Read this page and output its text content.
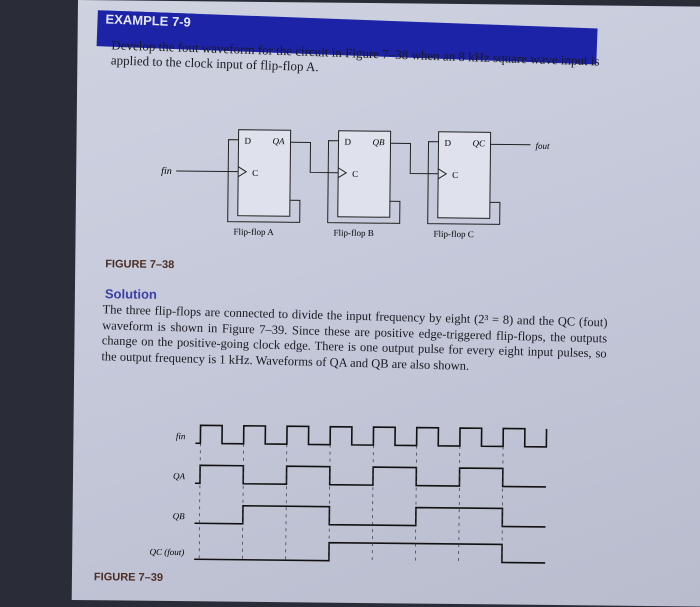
EXAMPLE 7-9
Develop the fout waveform for the circuit in Figure 7–38 when an 8 kHz square wave input is applied to the clock input of flip-flop A.
fin
D QA
C
Flip-flop A
D QB
C
Flip-flop B
D QC
C
Flip-flop C
fout
FIGURE 7–38
Solution
The three flip-flops are connected to divide the input frequency by eight (2³ = 8) and the QC (fout) waveform is shown in Figure 7–39. Since these are positive edge-triggered flip-flops, the outputs change on the positive-going clock edge. There is one output pulse for every eight input pulses, so the output frequency is 1 kHz. Waveforms of QA and QB are also shown.
fin
QA
QB
QC (fout)
FIGURE 7–39
